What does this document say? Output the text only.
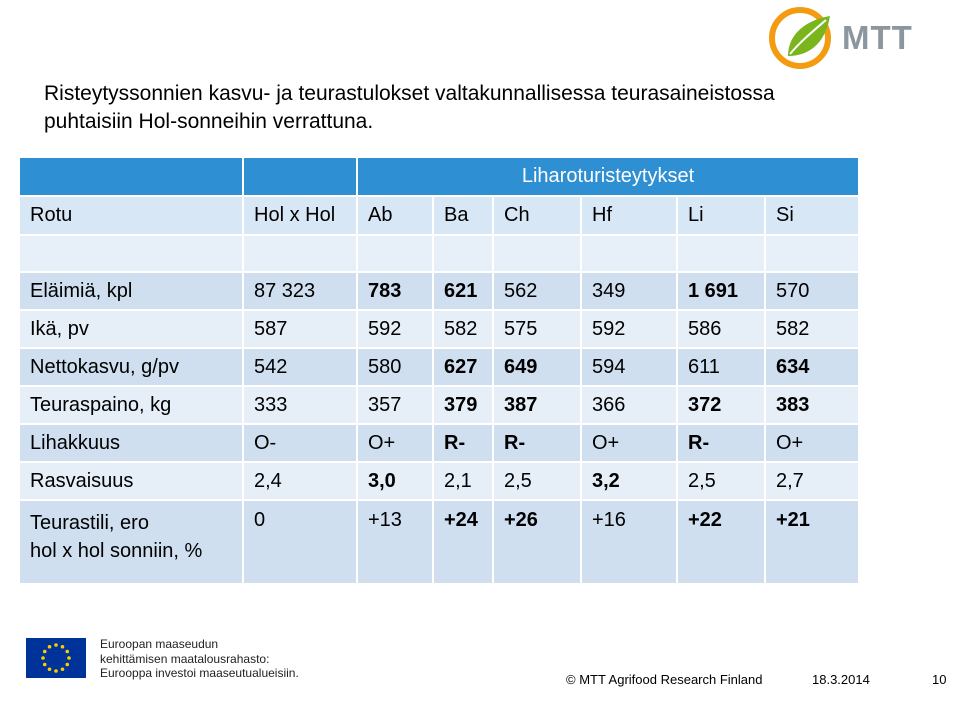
MTT
Risteytyssonnien kasvu- ja teurastulokset valtakunnallisessa teurasaineistossa
puhtaisiin Hol-sonneihin verrattuna.
		Liharoturisteytykset					
Rotu	Hol x Hol	Ab	Ba	Ch	Hf	Li	Si

Eläimiä, kpl	87 323	783	621	562	349	1 691	570
Ikä, pv	587	592	582	575	592	586	582
Nettokasvu, g/pv	542	580	627	649	594	611	634
Teuraspaino, kg	333	357	379	387	366	372	383
Lihakkuus	O-	O+	R-	R-	O+	R-	O+
Rasvaisuus	2,4	3,0	2,1	2,5	3,2	2,5	2,7

Teurastili, ero
hol x hol sonniin, %	0	+13	+24	+26	+16	+22	+21
Euroopan maaseudun
kehittämisen maatalousrahasto:
Eurooppa investoi maaseutualueisiin.	© MTT Agrifood Research Finland	18.3.2014	10
